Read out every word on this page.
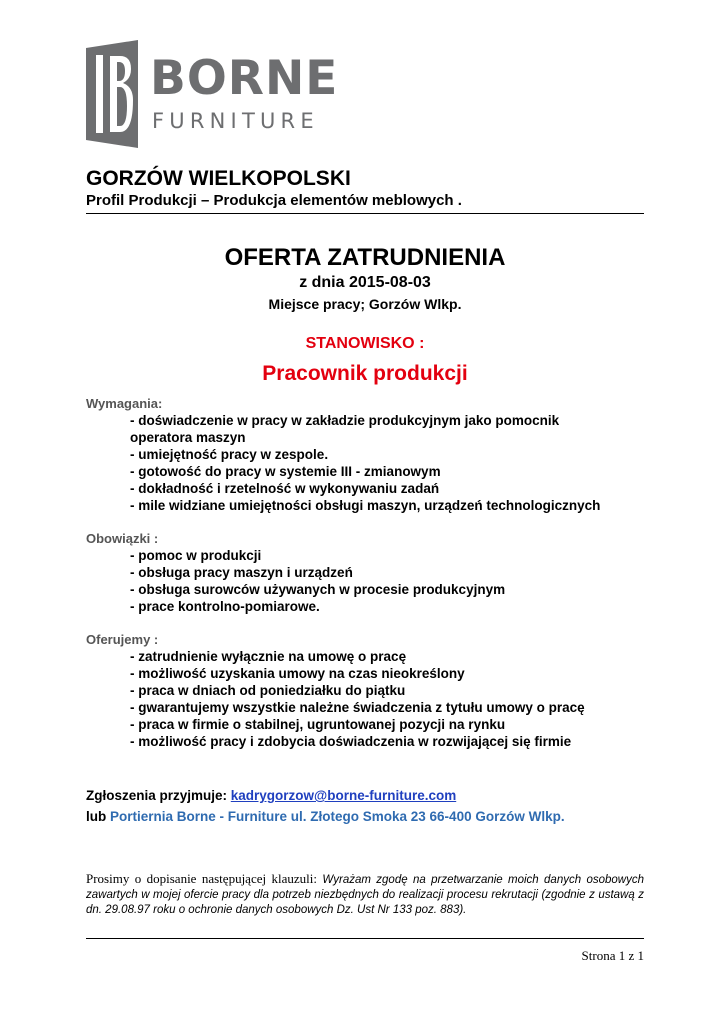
BORNE
FURNITURE
GORZÓW WIELKOPOLSKI
Profil Produkcji – Produkcja elementów meblowych .
OFERTA ZATRUDNIENIA
z dnia 2015-08-03
Miejsce pracy; Gorzów Wlkp.
STANOWISKO :
Pracownik produkcji
Wymagania:
- doświadczenie w pracy w zakładzie produkcyjnym jako pomocnik
operatora maszyn
- umiejętność pracy w zespole.
- gotowość do pracy w systemie III - zmianowym
- dokładność i rzetelność w wykonywaniu zadań
- mile widziane umiejętności obsługi maszyn, urządzeń technologicznych
Obowiązki :
- pomoc w produkcji
- obsługa pracy maszyn i urządzeń
- obsługa surowców używanych w procesie produkcyjnym
- prace kontrolno-pomiarowe.
Oferujemy :
- zatrudnienie wyłącznie na umowę o pracę
- możliwość uzyskania umowy na czas nieokreślony
- praca w dniach od poniedziałku do piątku
- gwarantujemy wszystkie należne świadczenia z tytułu umowy o pracę
- praca w firmie o stabilnej, ugruntowanej pozycji na rynku
- możliwość pracy i zdobycia doświadczenia w rozwijającej się firmie
Zgłoszenia przyjmuje: kadrygorzow@borne-furniture.com
lub Portiernia Borne - Furniture ul. Złotego Smoka 23 66-400 Gorzów Wlkp.
Prosimy o dopisanie następującej klauzuli: Wyrażam zgodę na przetwarzanie moich danych osobowych zawartych w mojej ofercie pracy dla potrzeb niezbędnych do realizacji procesu rekrutacji (zgodnie z ustawą z dn. 29.08.97 roku o ochronie danych osobowych Dz. Ust Nr 133 poz. 883).
Strona 1 z 1
